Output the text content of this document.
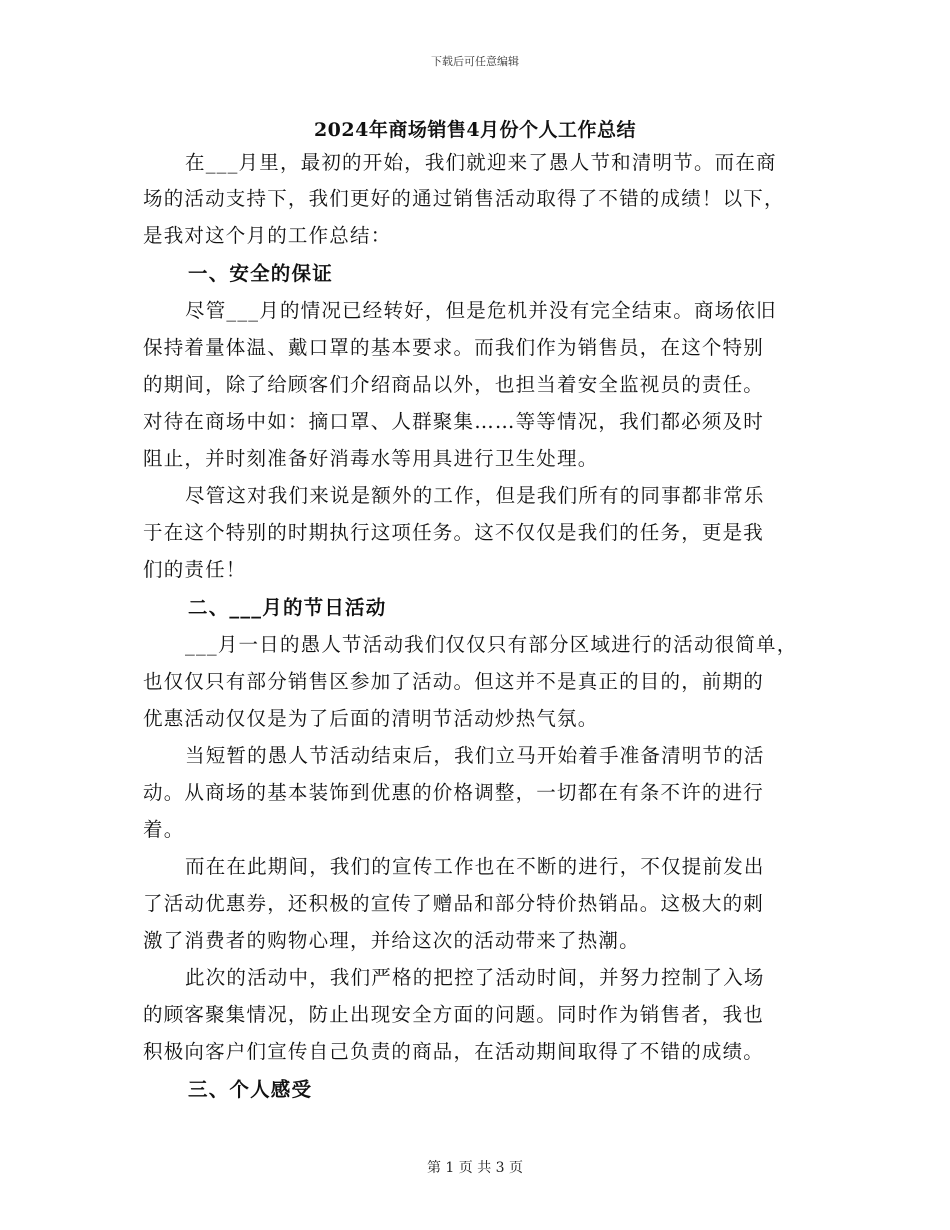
下载后可任意编辑
2024年商场销售4月份个人工作总结
在___月里，最初的开始，我们就迎来了愚人节和清明节。而在商
场的活动支持下，我们更好的通过销售活动取得了不错的成绩！以下，
是我对这个月的工作总结：
一、安全的保证
尽管___月的情况已经转好，但是危机并没有完全结束。商场依旧
保持着量体温、戴口罩的基本要求。而我们作为销售员，在这个特别
的期间，除了给顾客们介绍商品以外，也担当着安全监视员的责任。
对待在商场中如：摘口罩、人群聚集……等等情况，我们都必须及时
阻止，并时刻准备好消毒水等用具进行卫生处理。
尽管这对我们来说是额外的工作，但是我们所有的同事都非常乐
于在这个特别的时期执行这项任务。这不仅仅是我们的任务，更是我
们的责任！
二、___月的节日活动
___月一日的愚人节活动我们仅仅只有部分区域进行的活动很简单，
也仅仅只有部分销售区参加了活动。但这并不是真正的目的，前期的
优惠活动仅仅是为了后面的清明节活动炒热气氛。
当短暂的愚人节活动结束后，我们立马开始着手准备清明节的活
动。从商场的基本装饰到优惠的价格调整，一切都在有条不许的进行
着。
而在在此期间，我们的宣传工作也在不断的进行，不仅提前发出
了活动优惠券，还积极的宣传了赠品和部分特价热销品。这极大的刺
激了消费者的购物心理，并给这次的活动带来了热潮。
此次的活动中，我们严格的把控了活动时间，并努力控制了入场
的顾客聚集情况，防止出现安全方面的问题。同时作为销售者，我也
积极向客户们宣传自己负责的商品，在活动期间取得了不错的成绩。
三、个人感受
第 1 页 共 3 页
